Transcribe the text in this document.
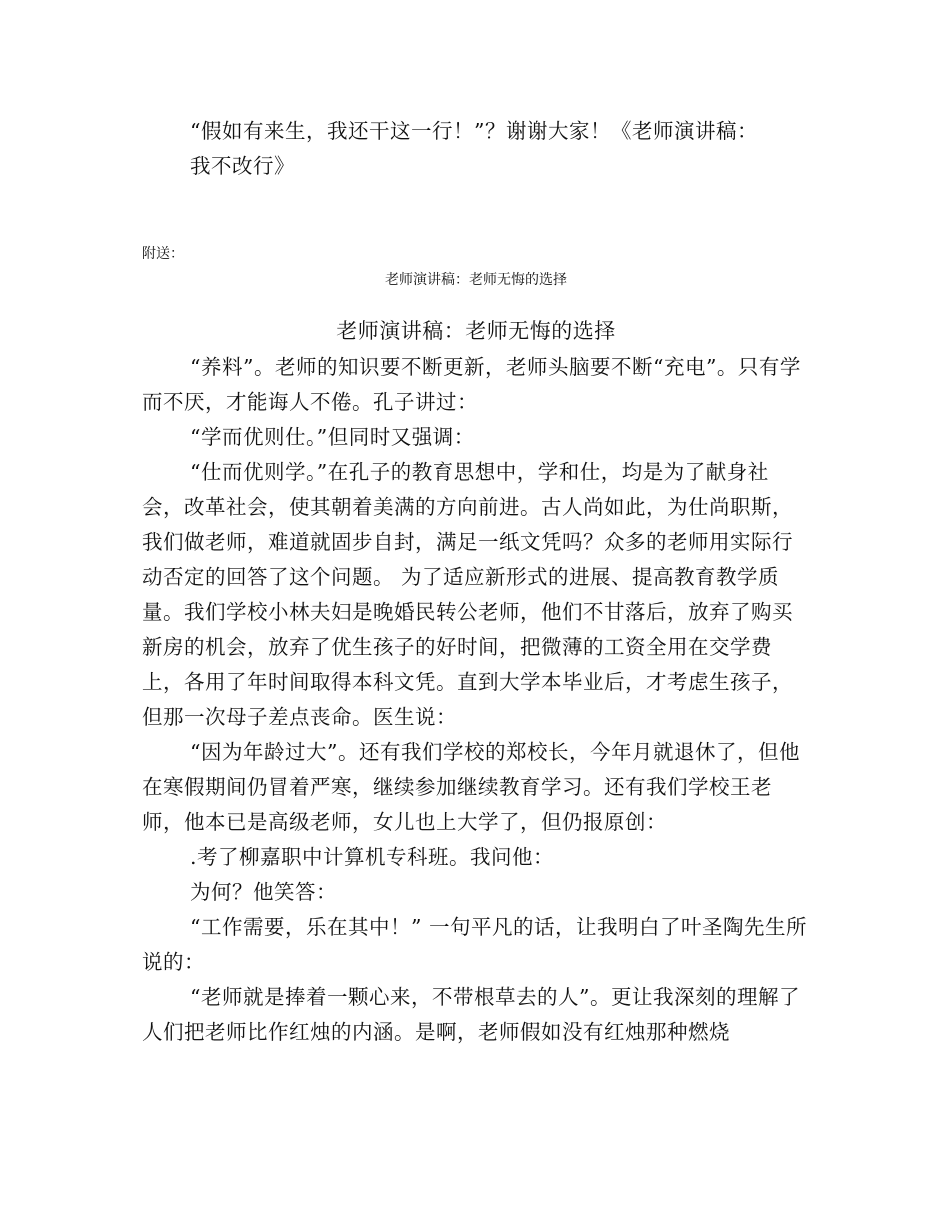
“假如有来生，我还干这一行！”？谢谢大家！《老师演讲稿：

我不改行》

附送：

老师演讲稿：老师无悔的选择

老师演讲稿：老师无悔的选择

“养料”。老师的知识要不断更新，老师头脑要不断“充电”。只有学而不厌，才能诲人不倦。孔子讲过：

“学而优则仕。”但同时又强调：

“仕而优则学。”在孔子的教育思想中，学和仕，均是为了献身社会，改革社会，使其朝着美满的方向前进。古人尚如此，为仕尚职斯，我们做老师，难道就固步自封，满足一纸文凭吗？众多的老师用实际行动否定的回答了这个问题。 为了适应新形式的进展、提高教育教学质量。我们学校小林夫妇是晚婚民转公老师，他们不甘落后，放弃了购买新房的机会，放弃了优生孩子的好时间，把微薄的工资全用在交学费上，各用了年时间取得本科文凭。直到大学本毕业后，才考虑生孩子，但那一次母子差点丧命。医生说：

“因为年龄过大”。还有我们学校的郑校长，今年月就退休了，但他在寒假期间仍冒着严寒，继续参加继续教育学习。还有我们学校王老师，他本已是高级老师，女儿也上大学了，但仍报原创：

.考了柳嘉职中计算机专科班。我问他：

为何？他笑答：

“工作需要，乐在其中！” 一句平凡的话，让我明白了叶圣陶先生所说的：

“老师就是捧着一颗心来，不带根草去的人”。更让我深刻的理解了人们把老师比作红烛的内涵。是啊，老师假如没有红烛那种燃烧
